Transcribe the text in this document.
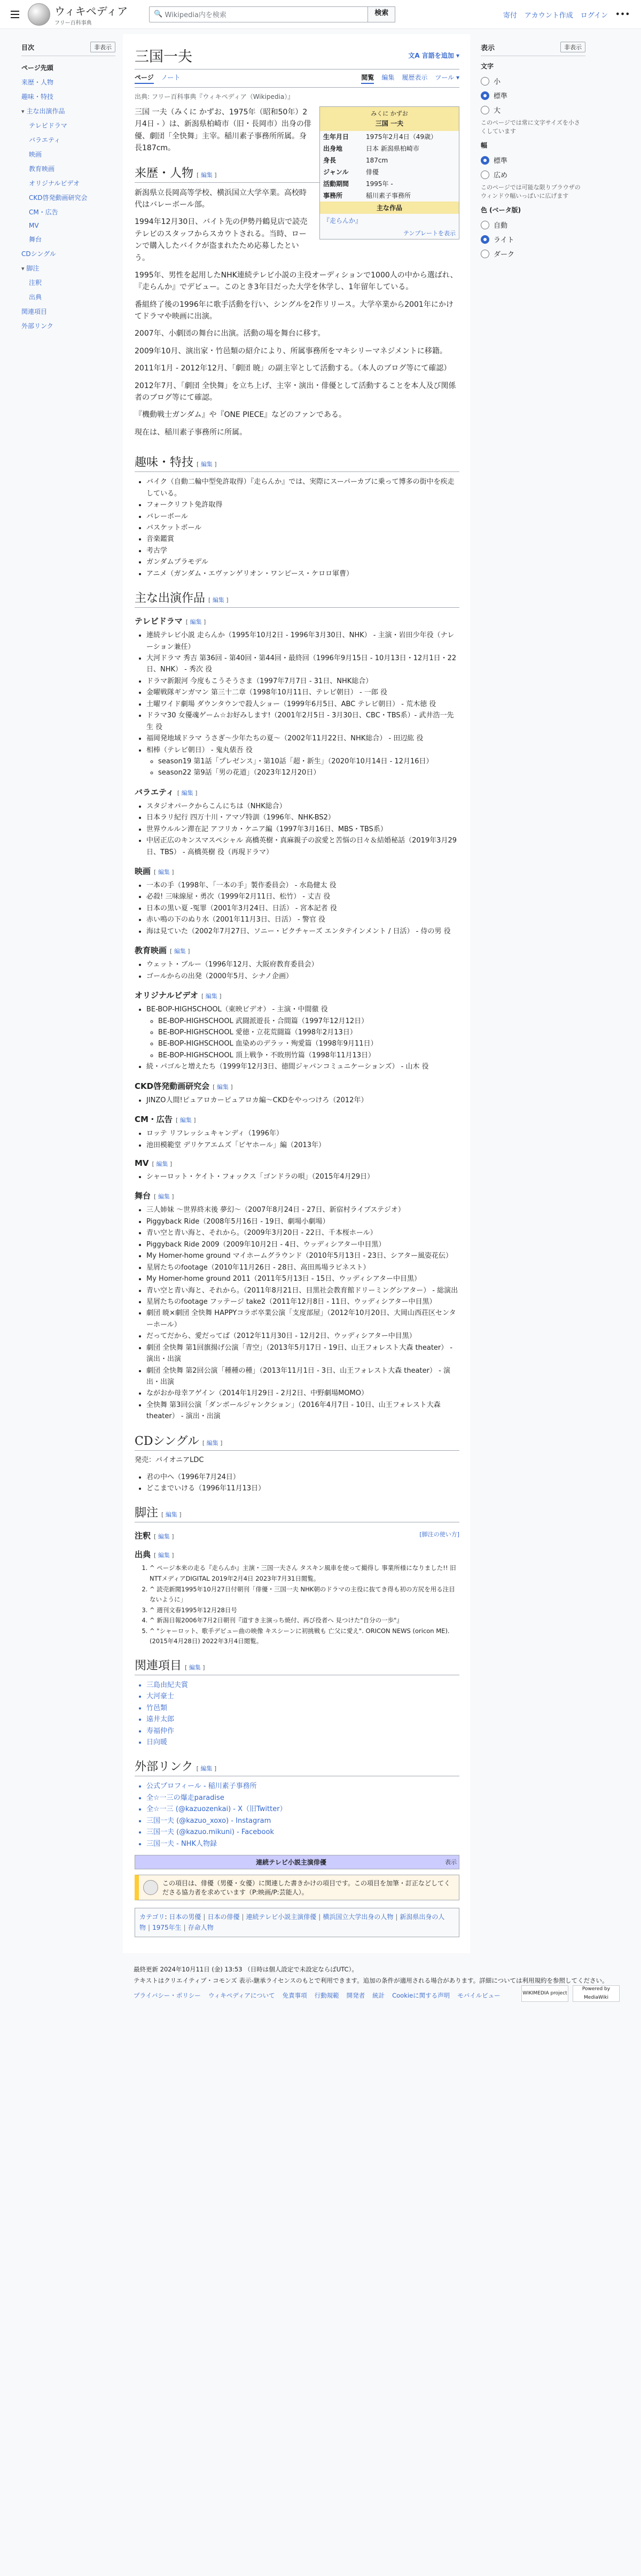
ウィキペディア
フリー百科事典
🔍 Wikipedia内を検索	検索	寄付 アカウント作成 ログイン •••
目次	非表示
ページ先頭
来歴・人物
趣味・特技
▾ 主な出演作品
テレビドラマ
バラエティ
映画
教育映画
オリジナルビデオ
CKD啓発動画研究会
CM・広告
MV
舞台
CDシングル
▾ 脚注
注釈
出典
関連項目
外部リンク
三国一夫	文A 言語を追加 ▾
ページ ノート	閲覧 編集 履歴表示 ツール ▾
出典: フリー百科事典『ウィキペディア（Wikipedia）』
みくに かずお
三国 一夫
生年月日	1975年2月4日（49歳）
出身地	日本 新潟県柏崎市
身長	187cm
ジャンル	俳優
活動期間	1995年 -
事務所	稲川素子事務所
主な作品
『走らんか』
テンプレートを表示

三国 一夫（みくに かずお、1975年（昭和50年）2月4日 - ）は、新潟県柏崎市（旧・長岡市）出身の俳優、劇団「全快舞」主宰。稲川素子事務所所属。身長187cm。

来歴・人物 [ 編集 ]

新潟県立長岡高等学校、横浜国立大学卒業。高校時代はバレーボール部。

1994年12月30日、バイト先の伊勢丹鶴見店で読売テレビのスタッフからスカウトされる。当時、ローンで購入したバイクが盗まれたため応募したという。

1995年、男性を起用したNHK連続テレビ小説の主役オーディションで1000人の中から選ばれ、『走らんか』でデビュー。このとき3年目だった大学を休学し、1年留年している。

番組終了後の1996年に歌手活動を行い、シングルを2作リリース。大学卒業から2001年にかけてドラマや映画に出演。

2007年、小劇団の舞台に出演。活動の場を舞台に移す。

2009年10月、演出家・竹邑類の紹介により、所属事務所をマキシリーマネジメントに移籍。

2011年1月 - 2012年12月、「劇団 暁」の副主宰として活動する。（本人のブログ等にて確認）

2012年7月、「劇団 全快舞」を立ち上げ、主宰・演出・俳優として活動することを本人及び関係者のブログ等にて確認。

『機動戦士ガンダム』や『ONE PIECE』などのファンである。

現在は、稲川素子事務所に所属。

趣味・特技 [ 編集 ]
• バイク（自動二輪中型免許取得）『走らんか』では、実際にスーパーカブに乗って博多の街中を疾走している。
• フォークリフト免許取得
• バレーボール
• バスケットボール
• 音楽鑑賞
• 考古学
• ガンダムプラモデル
• アニメ（ガンダム・エヴァンゲリオン・ワンピース・ケロロ軍曹）
主な出演作品 [ 編集 ]
テレビドラマ [ 編集 ]
• 連続テレビ小説 走らんか（1995年10月2日 - 1996年3月30日、NHK） - 主演・岩田少年役（ナレーション兼任）
• 大河ドラマ 秀吉 第36回 - 第40回・第44回・最終回（1996年9月15日 - 10月13日・12月1日・22日、NHK） - 秀次 役
• ドラマ新銀河 今度もこうそうさま（1997年7月7日 - 31日、NHK総合）
• 金曜戦隊ギンガマン 第三十二章（1998年10月11日、テレビ朝日） - 一郎 役
• 土曜ワイド劇場 ダウンタウンで殺人ショー（1999年6月5日、ABC テレビ朝日） - 荒木徳 役
• ドラマ30 女優魂ゲーム☆お好みします!（2001年2月5日 - 3月30日、CBC・TBS系）- 武井浩一先生 役
• 福岡発地域ドラマ うさぎ～少年たちの夏～（2002年11月22日、NHK総合） - 田辺紘 役
• 相棒（テレビ朝日） - 鬼丸俵吾 役
◦ season19 第1話「プレゼンス」・第10話「超・新生」（2020年10月14日 - 12月16日）
◦ season22 第9話「男の花道」（2023年12月20日）
バラエティ [ 編集 ]
• スタジオパークからこんにちは（NHK総合）
• 日本ラリ紀行 四万十川・アマゾ特訓（1996年、NHK-BS2）
• 世界ウルルン滞在記 アフリカ・ケニア編（1997年3月16日、MBS・TBS系）
• 中居正広のキンスマスペシャル 高橋英樹・真麻親子の涙愛と苦悩の日々＆結婚秘話（2019年3月29日、TBS） - 高橋英樹 役（再現ドラマ）
映画 [ 編集 ]
• 一本の手（1998年、「一本の手」製作委員会） - 水島健太 役
• 必殺! 三味線屋・勇次（1999年2月11日、松竹） - 丈吉 役
• 日本の黒い夏 -冤罪（2001年3月24日、日活） - 宮本記者 役
• 赤い鳴の下のぬり水（2001年11月3日、日活） - 警官 役
• 海は見ていた（2002年7月27日、ソニー・ピクチャーズ エンタテインメント / 日活） - 侍の男 役
教育映画 [ 編集 ]
• ウェット・ブルー（1996年12月、大阪府教育委員会）
• ゴールからの出発（2000年5月、シナノ企画）
オリジナルビデオ [ 編集 ]
• BE-BOP-HIGHSCHOOL（東映ビデオ） - 主演・中間徹 役
◦ BE-BOP-HIGHSCHOOL 武闘派遊長・合間篇（1997年12月12日）
◦ BE-BOP-HIGHSCHOOL 愛徳・立花荒闘篇（1998年2月13日）
◦ BE-BOP-HIGHSCHOOL 血染めのデラッ・殉愛篇（1998年9月11日）
◦ BE-BOP-HIGHSCHOOL 頂上戦争・不敗刑竹篇（1998年11月13日）
• 続・パゴルと増えたち（1999年12月3日、徳間ジャパンコミュニケーションズ） - 山木 役
CKD啓発動画研究会 [ 編集 ]
• JINZO人間!ピュアロカーピュアロカ編〜CKDをやっつけろ（2012年）
CM・広告 [ 編集 ]
• ロッテ リフレッシュキャンディ（1996年）
• 池田模範堂 デリケアエムズ「ビヤホール」編（2013年）
MV [ 編集 ]
• シャーロット・ケイト・フォックス「ゴンドラの唄」（2015年4月29日）
舞台 [ 編集 ]
• 三人姉妹 〜世界終末後 夢幻〜（2007年8月24日 - 27日、新宿村ライブステジオ）
• Piggyback Ride（2008年5月16日 - 19日、劇場小劇場）
• 青い空と青い海と、それから。（2009年3月20日 - 22日、千本桜ホール）
• Piggyback Ride 2009（2009年10月2日 - 4日、ウッディシアター中目黒）
• My Homer-home ground マイホームグラウンド（2010年5月13日 - 23日、シアター風姿花伝）
• 星屑たちのfootage（2010年11月26日 - 28日、高田馬場ラビネスト）
• My Homer-home ground 2011（2011年5月13日 - 15日、ウッディシアター中目黒）
• 青い空と青い海と、それから。（2011年8月21日、目黒社会教育館ドリーミングシアター） - 総演出
• 星屑たちのfootage フッテージ take2（2011年12月8日 - 11日、ウッディシアター中目黒）
• 劇団 暁×劇団 全快舞 HAPPYコラボ卒業公演「支度部屋」（2012年10月20日、大岡山西荘区センターホール）
• だってだから、愛だってば（2012年11月30日 - 12月2日、ウッディシアター中目黒）
• 劇団 全快舞 第1回旗揚げ公演「青空」（2013年5月17日 - 19日、山王フォレスト大森 theater） - 演出・出演
• 劇団 全快舞 第2回公演「種種の種」（2013年11月1日 - 3日、山王フォレスト大森 theater） - 演出・出演
• ながおか母幸アゲイン（2014年1月29日 - 2月2日、中野劇場MOMO）
• 全快舞 第3回公演「ダンボールジャンクション」（2016年4月7日 - 10日、山王フォレスト大森theater） - 演出・出演
CDシングル [ 編集 ]

発売：パイオニアLDC

• 君の中へ（1996年7月24日）
• どこまでいける（1996年11月13日）
脚注 [ 編集 ]
注釈 [ 編集 ]	[脚注の使い方]
出典 [ 編集 ]
1. ^ ページ本来の走る『走らんか』主演・三国一夫さん タスキン風車を使って撮得し 事業所様になりました!! 旧NTTメディアDIGITAL 2019年2月4日 2023年7月31日閲覧。
2. ^ 読売新聞1995年10月27日付朝刊「俳優・三国一夫 NHK朝のドラマの主役に抜てき得も初の方尻を用る注目ないように」
3. ^ 週刊文春1995年12月28日号
4. ^ 新潟日報2006年7月2日朝刊『道すき主演っち焼付、再び役者へ 見つけた"自分の一歩"』
5. ^ "シャーロット、歌手デビュー曲の映像 キスシーンに初挑戦も 亡父に愛え". ORICON NEWS (oricon ME). (2015年4月28日) 2022年3月4日閲覧。
関連項目 [ 編集 ]
• 三島由紀夫賞
• 大河豪士
• 竹邑類
• 遠井太郎
• 寿福仲作
• 日向暖
外部リンク [ 編集 ]
• 公式プロフィール - 稲川素子事務所
• 全☆一三の爆走paradise
• 全☆一三 (@kazuozenkai) - X（旧Twitter）
• 三国一夫 (@kazuo_xoxo) - Instagram
• 三国一夫 (@kazuo.mikuni) - Facebook
• 三国一夫 - NHK人物録
連続テレビ小説主演俳優	表示
この項目は、俳優（男優・女優）に関連した書きかけの項目です。この項目を加筆・訂正などしてくださる協力者を求めています（P:映画/P:芸能人）。
カテゴリ: 日本の男優 | 日本の俳優 | 連続テレビ小説主演俳優 | 横浜国立大学出身の人物 | 新潟県出身の人物 | 1975年生 | 存命人物
表示	非表示
文字
小
標準
大
このページでは常に文字サイズを小さくしています
幅
標準
広め
このページでは可能な限りブラウザのウィンドウ幅いっぱいに広げます
色 (ベータ版)
自動
ライト
ダーク
最終更新 2024年10月11日 (金) 13:53 （日時は個人設定で未設定ならばUTC）。
テキストはクリエイティブ・コモンズ 表示-継承ライセンスのもとで利用できます。追加の条件が適用される場合があります。詳細については利用規約を参照してください。
プライバシー・ポリシー ウィキペディアについて 免責事項 行動規範 開発者 統計 Cookieに関する声明 モバイルビュー	WIKIMEDIA project
Powered by MediaWiki
